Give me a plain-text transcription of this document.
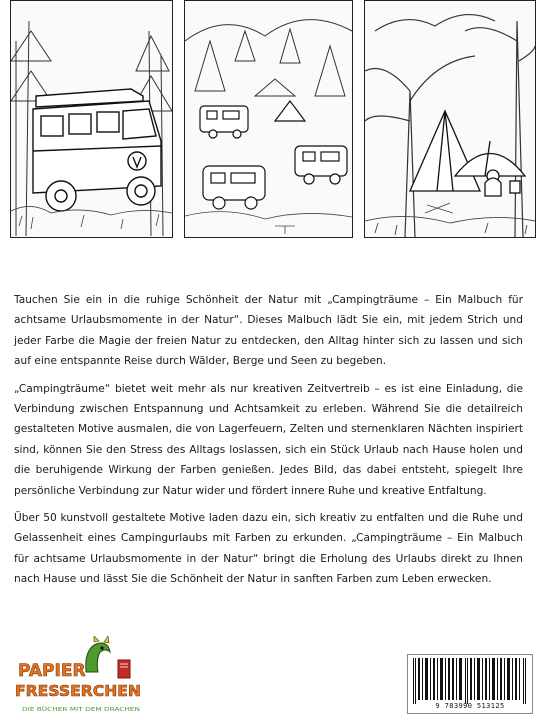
Tauchen Sie ein in die ruhige Schönheit der Natur mit „Campingträume – Ein Malbuch für achtsame Urlaubsmomente in der Natur“. Dieses Malbuch lädt Sie ein, mit jedem Strich und jeder Farbe die Magie der freien Natur zu entdecken, den Alltag hinter sich zu lassen und sich auf eine entspannte Reise durch Wälder, Berge und Seen zu begeben.

„Campingträume“ bietet weit mehr als nur kreativen Zeitvertreib – es ist eine Einladung, die Verbindung zwischen Entspannung und Achtsamkeit zu erleben. Während Sie die detailreich gestalteten Motive ausmalen, die von Lagerfeuern, Zelten und sternenklaren Nächten inspiriert sind, können Sie den Stress des Alltags loslassen, sich ein Stück Urlaub nach Hause holen und die beruhigende Wirkung der Farben genießen. Jedes Bild, das dabei entsteht, spiegelt Ihre persönliche Verbindung zur Natur wider und fördert innere Ruhe und kreative Entfaltung.

Über 50 kunstvoll gestaltete Motive laden dazu ein, sich kreativ zu entfalten und die Ruhe und Gelassenheit eines Campingurlaubs mit Farben zu erkunden. „Campingträume – Ein Malbuch für achtsame Urlaubsmomente in der Natur“ bringt die Erholung des Urlaubs direkt zu Ihnen nach Hause und lässt Sie die Schönheit der Natur in sanften Farben zum Leben erwecken.

PAPIER
FRESSERCHEN
DIE BÜCHER MIT DEM DRACHEN	9 783990 513125
